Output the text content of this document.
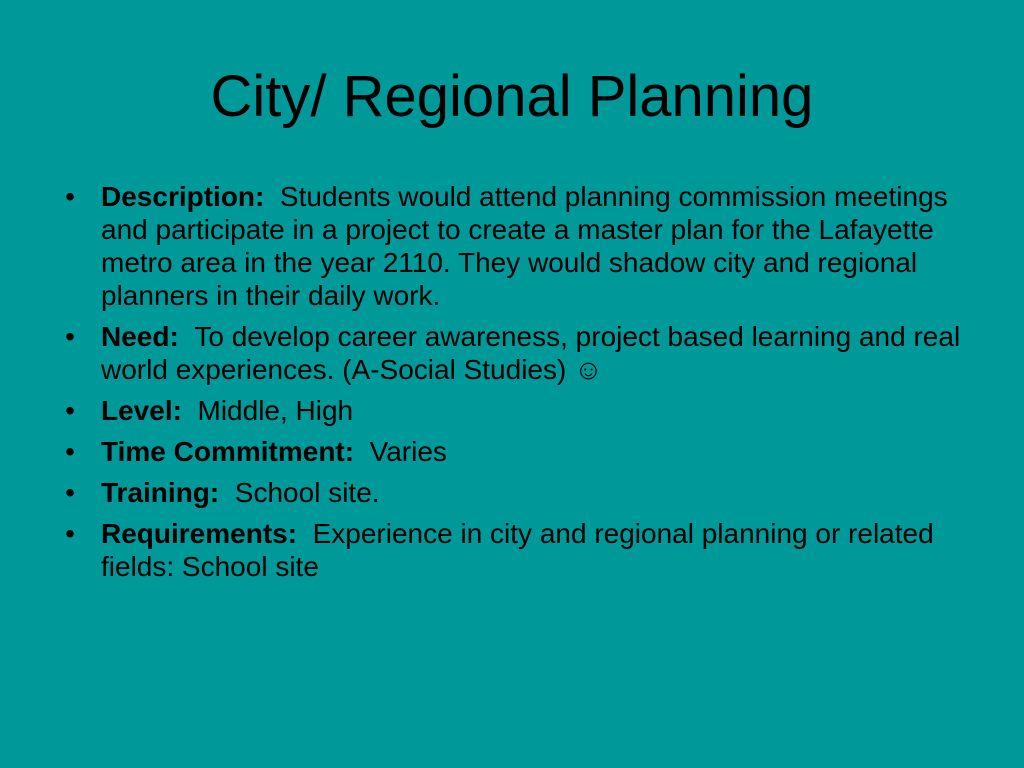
City/ Regional Planning
• Description: Students would attend planning commission meetings and participate in a project to create a master plan for the Lafayette metro area in the year 2110. They would shadow city and regional planners in their daily work.
• Need: To develop career awareness, project based learning and real world experiences. (A-Social Studies) ☺
• Level: Middle, High
• Time Commitment: Varies
• Training: School site.
• Requirements: Experience in city and regional planning or related fields: School site
